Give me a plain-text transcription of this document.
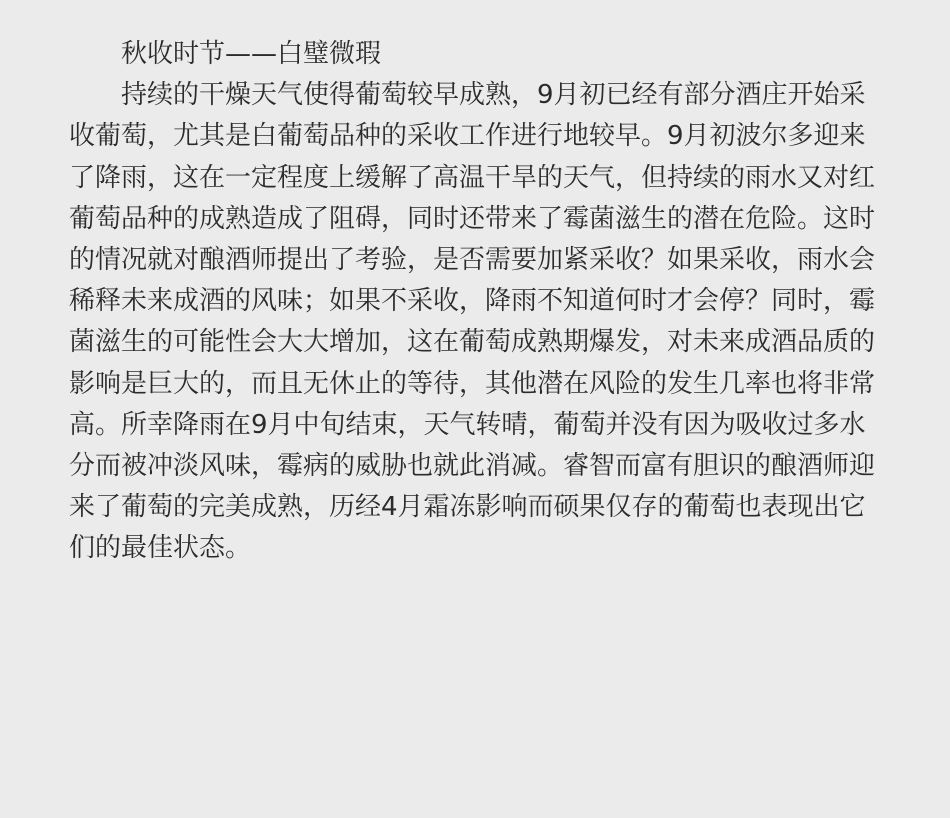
秋收时节——白璧微瑕
持续的干燥天气使得葡萄较早成熟，9月初已经有部分酒庄开始采
收葡萄，尤其是白葡萄品种的采收工作进行地较早。9月初波尔多迎来
了降雨，这在一定程度上缓解了高温干旱的天气，但持续的雨水又对红
葡萄品种的成熟造成了阻碍，同时还带来了霉菌滋生的潜在危险。这时
的情况就对酿酒师提出了考验，是否需要加紧采收？如果采收，雨水会
稀释未来成酒的风味；如果不采收，降雨不知道何时才会停？同时，霉
菌滋生的可能性会大大增加，这在葡萄成熟期爆发，对未来成酒品质的
影响是巨大的，而且无休止的等待，其他潜在风险的发生几率也将非常
高。所幸降雨在9月中旬结束，天气转晴，葡萄并没有因为吸收过多水
分而被冲淡风味，霉病的威胁也就此消减。睿智而富有胆识的酿酒师迎
来了葡萄的完美成熟，历经4月霜冻影响而硕果仅存的葡萄也表现出它
们的最佳状态。
